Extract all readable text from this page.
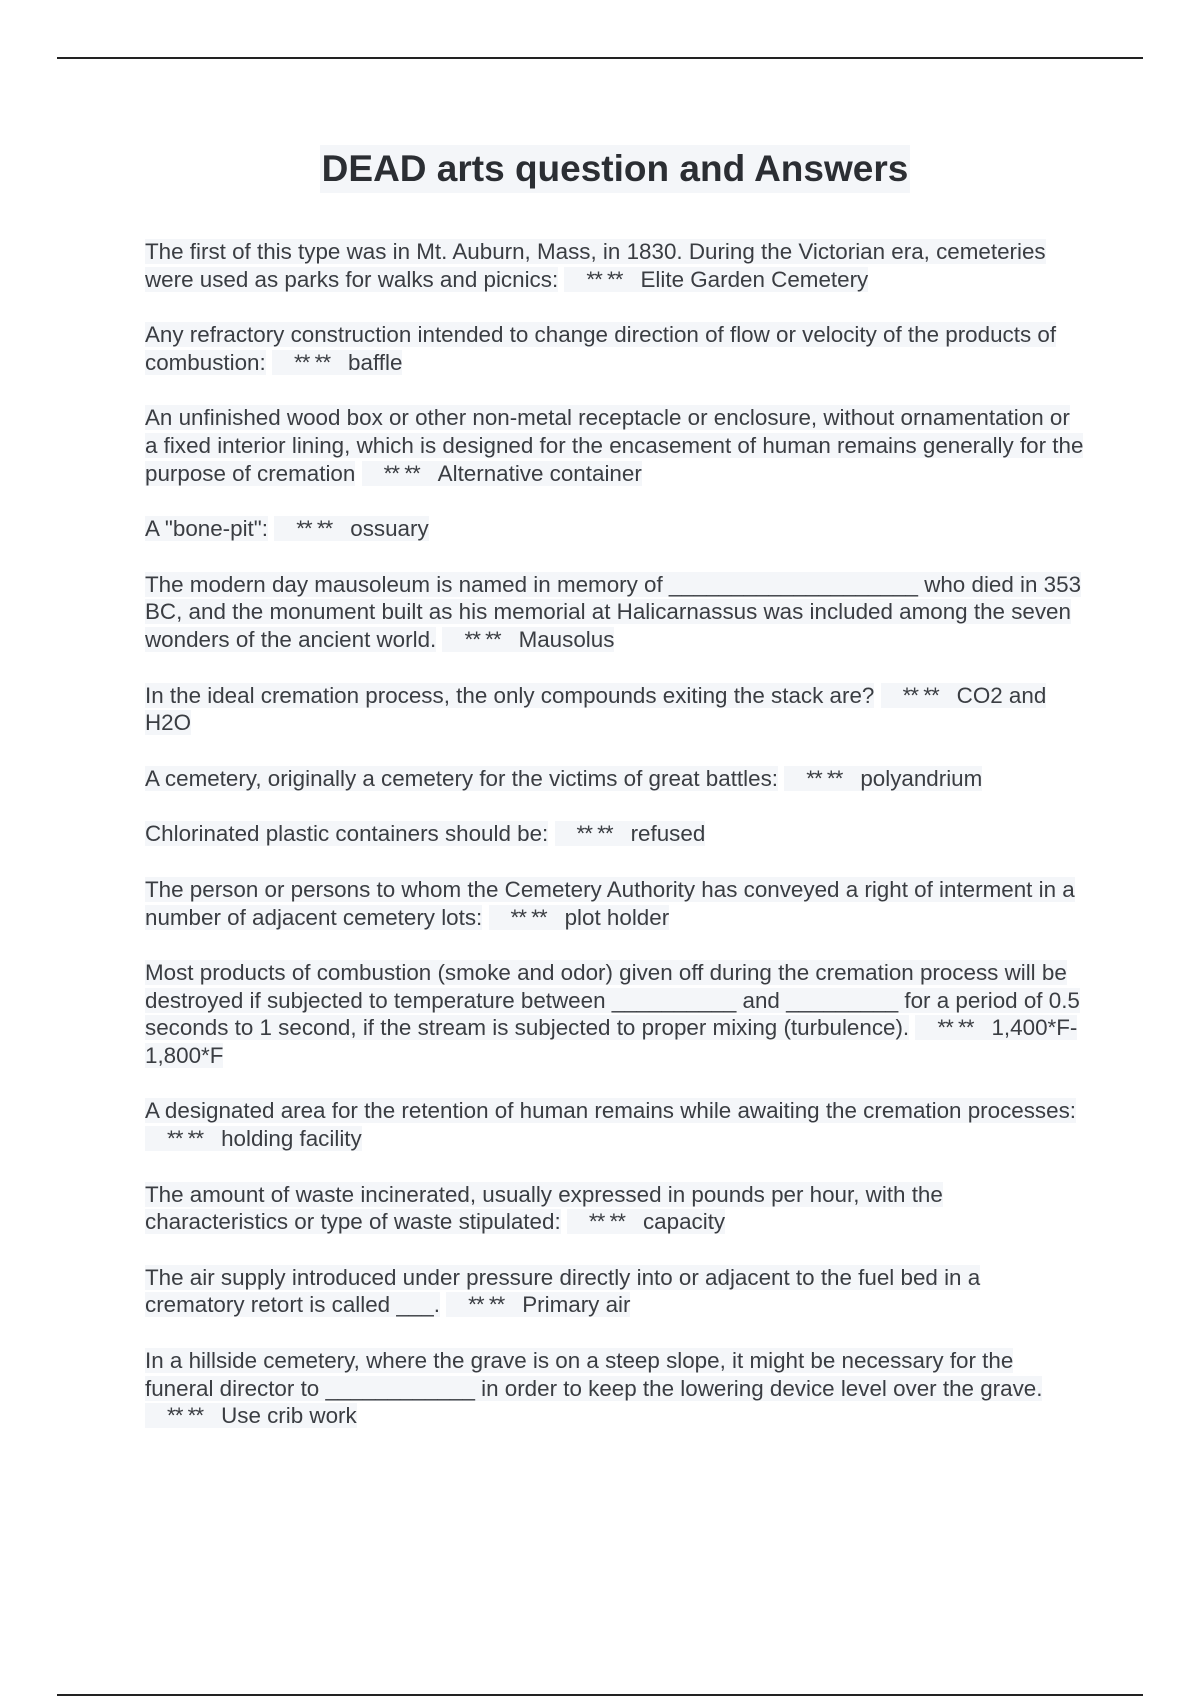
DEAD arts question and Answers

The first of this type was in Mt. Auburn, Mass, in 1830. During the Victorian era, cemeteries were used as parks for walks and picnics: ** ** Elite Garden Cemetery

Any refractory construction intended to change direction of flow or velocity of the products of combustion: ** ** baffle

An unfinished wood box or other non-metal receptacle or enclosure, without ornamentation or a fixed interior lining, which is designed for the encasement of human remains generally for the purpose of cremation ** ** Alternative container

A "bone-pit": ** ** ossuary

The modern day mausoleum is named in memory of ____________________ who died in 353 BC, and the monument built as his memorial at Halicarnassus was included among the seven wonders of the ancient world. ** ** Mausolus

In the ideal cremation process, the only compounds exiting the stack are? ** ** CO2 and H2O

A cemetery, originally a cemetery for the victims of great battles: ** ** polyandrium

Chlorinated plastic containers should be: ** ** refused

The person or persons to whom the Cemetery Authority has conveyed a right of interment in a number of adjacent cemetery lots: ** ** plot holder

Most products of combustion (smoke and odor) given off during the cremation process will be destroyed if subjected to temperature between __________ and _________ for a period of 0.5 seconds to 1 second, if the stream is subjected to proper mixing (turbulence). ** ** 1,400*F- 1,800*F

A designated area for the retention of human remains while awaiting the cremation processes: ** ** holding facility

The amount of waste incinerated, usually expressed in pounds per hour, with the characteristics or type of waste stipulated: ** ** capacity

The air supply introduced under pressure directly into or adjacent to the fuel bed in a crematory retort is called ___. ** ** Primary air

In a hillside cemetery, where the grave is on a steep slope, it might be necessary for the funeral director to ____________ in order to keep the lowering device level over the grave. ** ** Use crib work
